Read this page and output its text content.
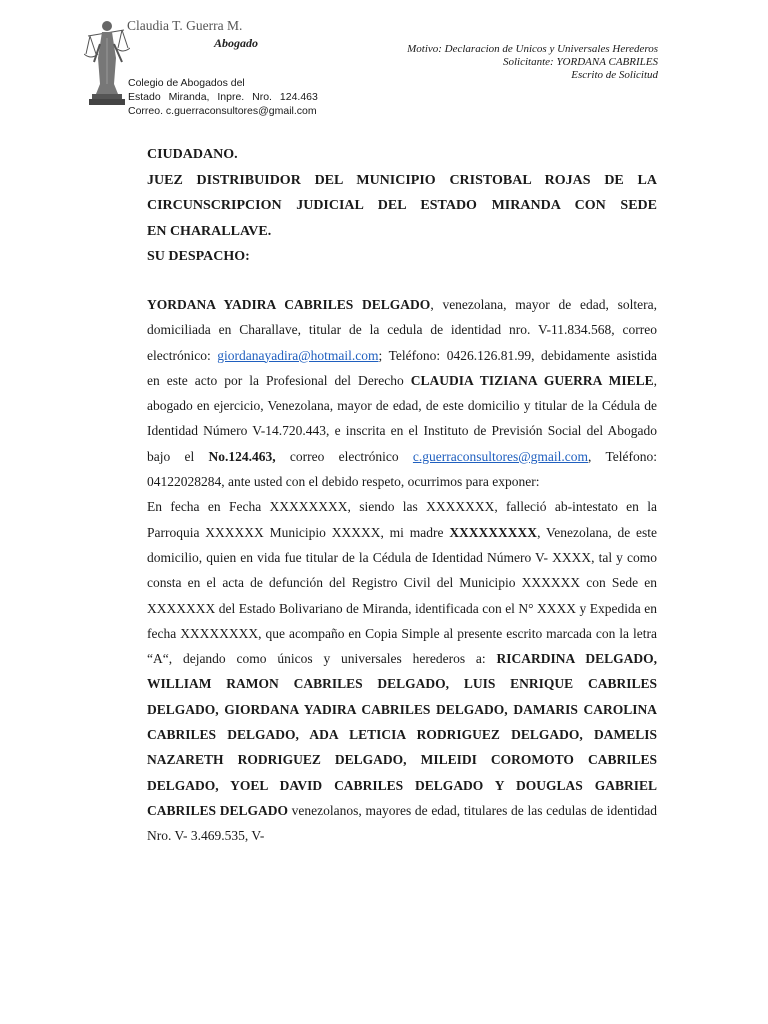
Claudia T. Guerra M.
Abogado
Colegio de Abogados del
Estado Miranda, Inpre. Nro. 124.463
Correo. c.guerraconsultores@gmail.com
Motivo: Declaracion de Unicos y Universales Herederos
Solicitante: YORDANA CABRILES
Escrito de Solicitud
CIUDADANO.
JUEZ DISTRIBUIDOR DEL MUNICIPIO CRISTOBAL ROJAS DE LA
CIRCUNSCRIPCION JUDICIAL DEL ESTADO MIRANDA CON SEDE
EN CHARALLAVE.
SU DESPACHO:

YORDANA YADIRA CABRILES DELGADO, venezolana, mayor de edad, soltera, domiciliada en Charallave, titular de la cedula de identidad nro. V-11.834.568, correo electrónico: giordanayadira@hotmail.com; Teléfono: 0426.126.81.99, debidamente asistida en este acto por la Profesional del Derecho CLAUDIA TIZIANA GUERRA MIELE, abogado en ejercicio, Venezolana, mayor de edad, de este domicilio y titular de la Cédula de Identidad Número V-14.720.443, e inscrita en el Instituto de Previsión Social del Abogado bajo el No.124.463, correo electrónico c.guerraconsultores@gmail.com, Teléfono: 04122028284, ante usted con el debido respeto, ocurrimos para exponer:

En fecha en Fecha XXXXXXXX, siendo las XXXXXXX, falleció ab-intestato en la Parroquia XXXXXX Municipio XXXXX, mi madre XXXXXXXXX, Venezolana, de este domicilio, quien en vida fue titular de la Cédula de Identidad Número V- XXXX, tal y como consta en el acta de defunción del Registro Civil del Municipio XXXXXX con Sede en XXXXXXX del Estado Bolivariano de Miranda, identificada con el N° XXXX y Expedida en fecha XXXXXXXX, que acompaño en Copia Simple al presente escrito marcada con la letra “A“, dejando como únicos y universales herederos a: RICARDINA DELGADO, WILLIAM RAMON CABRILES DELGADO, LUIS ENRIQUE CABRILES DELGADO, GIORDANA YADIRA CABRILES DELGADO, DAMARIS CAROLINA CABRILES DELGADO, ADA LETICIA RODRIGUEZ DELGADO, DAMELIS NAZARETH RODRIGUEZ DELGADO, MILEIDI COROMOTO CABRILES DELGADO, YOEL DAVID CABRILES DELGADO Y DOUGLAS GABRIEL CABRILES DELGADO venezolanos, mayores de edad, titulares de las cedulas de identidad Nro. V- 3.469.535, V-
